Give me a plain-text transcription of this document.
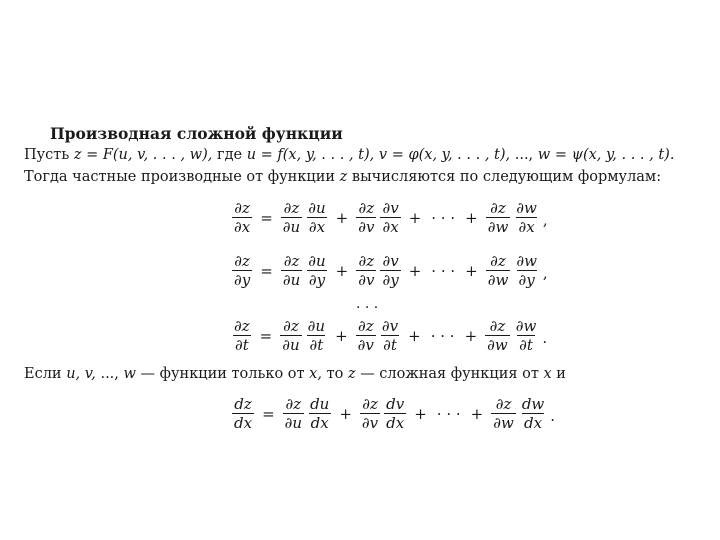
Производная сложной функции
Пусть z = F(u, v, . . . , w), где u = f(x, y, . . . , t), v = φ(x, y, . . . , t), ..., w = ψ(x, y, . . . , t).
Тогда частные производные от функции z вычисляются по следующим формулам:
$\frac{\partial z}{\partial x} = \frac{\partial z}{\partial u} \frac{\partial u}{\partial x} + \frac{\partial z}{\partial v} \frac{\partial v}{\partial x}$ + · · · + $\frac{\partial z}{\partial w} \frac{\partial w}{\partial x}$ ,
$\frac{\partial z}{\partial y} = \frac{\partial z}{\partial u} \frac{\partial u}{\partial y} + \frac{\partial z}{\partial v} \frac{\partial v}{\partial y}$ + · · · + $\frac{\partial z}{\partial w} \frac{\partial w}{\partial y}$ ,
· · ·
$\frac{\partial z}{\partial t} = \frac{\partial z}{\partial u} \frac{\partial u}{\partial t} + \frac{\partial z}{\partial v} \frac{\partial v}{\partial t}$ + · · · + $\frac{\partial z}{\partial w} \frac{\partial w}{\partial t}$ .
Если u, v, ..., w — функции только от x, то z — сложная функция от x и
$\frac{dz}{dx} = \frac{\partial z}{\partial u} \frac{du}{dx} + \frac{\partial z}{\partial v} \frac{dv}{dx}$ + · · · + $\frac{\partial z}{\partial w} \frac{dw}{dx}$ .
